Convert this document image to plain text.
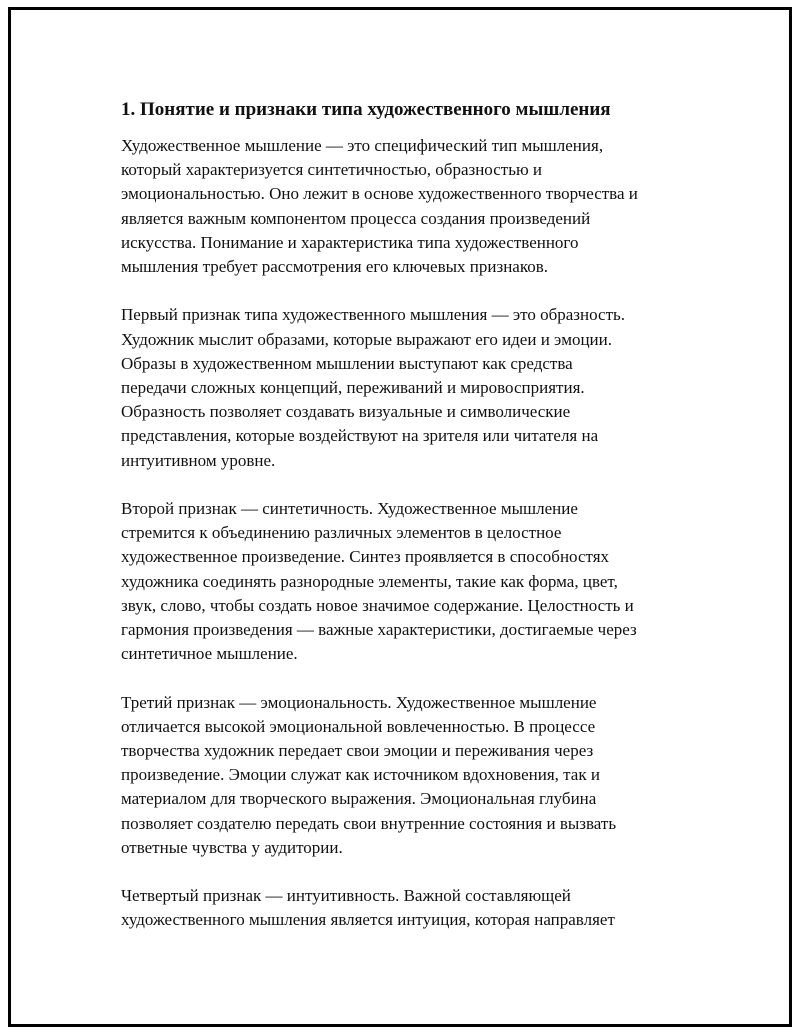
1. Понятие и признаки типа художественного мышления
Художественное мышление — это специфический тип мышления,
который характеризуется синтетичностью, образностью и
эмоциональностью. Оно лежит в основе художественного творчества и
является важным компонентом процесса создания произведений
искусства. Понимание и характеристика типа художественного
мышления требует рассмотрения его ключевых признаков.
Первый признак типа художественного мышления — это образность.
Художник мыслит образами, которые выражают его идеи и эмоции.
Образы в художественном мышлении выступают как средства
передачи сложных концепций, переживаний и мировосприятия.
Образность позволяет создавать визуальные и символические
представления, которые воздействуют на зрителя или читателя на
интуитивном уровне.
Второй признак — синтетичность. Художественное мышление
стремится к объединению различных элементов в целостное
художественное произведение. Синтез проявляется в способностях
художника соединять разнородные элементы, такие как форма, цвет,
звук, слово, чтобы создать новое значимое содержание. Целостность и
гармония произведения — важные характеристики, достигаемые через
синтетичное мышление.
Третий признак — эмоциональность. Художественное мышление
отличается высокой эмоциональной вовлеченностью. В процессе
творчества художник передает свои эмоции и переживания через
произведение. Эмоции служат как источником вдохновения, так и
материалом для творческого выражения. Эмоциональная глубина
позволяет создателю передать свои внутренние состояния и вызвать
ответные чувства у аудитории.
Четвертый признак — интуитивность. Важной составляющей
художественного мышления является интуиция, которая направляет
